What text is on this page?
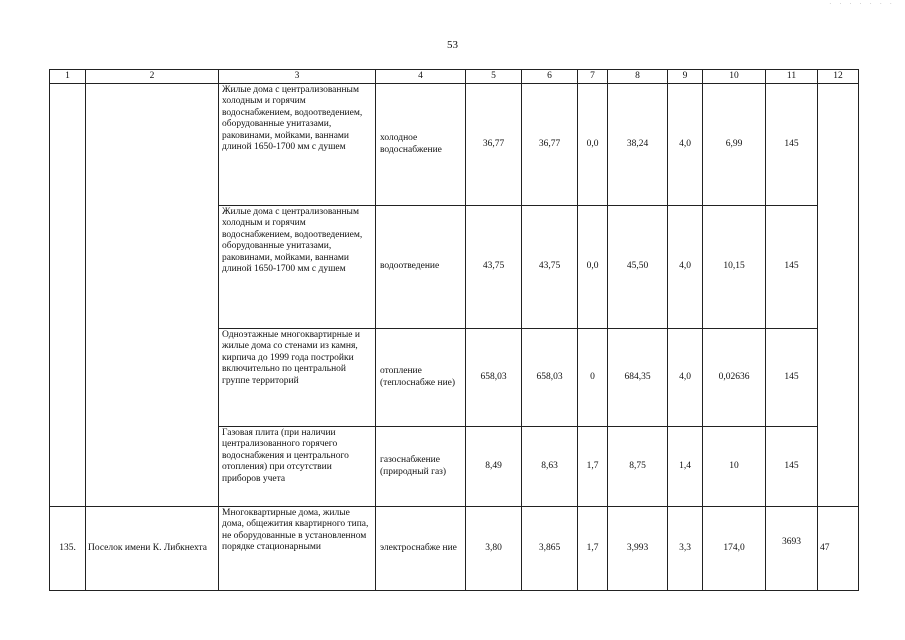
53
· · · · · · ·
1	2	3	4	5	6	7	8	9	10	11	12
		Жилые дома с централизованным холодным и горячим водоснабжением, водоотведением, оборудованные унитазами, раковинами, мойками, ваннами длиной 1650-1700 мм с душем	холодное водоснабжение	36,77	36,77	0,0	38,24	4,0	6,99	145	
		Жилые дома с централизованным холодным и горячим водоснабжением, водоотведением, оборудованные унитазами, раковинами, мойками, ваннами длиной 1650-1700 мм с душем	водоотведение	43,75	43,75	0,0	45,50	4,0	10,15	145	
		Одноэтажные многоквартирные и жилые дома со стенами из камня, кирпича до 1999 года постройки включительно по центральной группе территорий	отопление (теплоснабже ние)	658,03	658,03	0	684,35	4,0	0,02636	145	
		Газовая плита (при наличии централизованного горячего водоснабжения и центрального отопления) при отсутствии приборов учета	газоснабжение (природный газ)	8,49	8,63	1,7	8,75	1,4	10	145	
135.	Поселок имени К. Либкнехта	Многоквартирные дома, жилые дома, общежития квартирного типа, не оборудованные в установленном порядке стационарными	электроснабже ние	3,80	3,865	1,7	3,993	3,3	174,0	3693	47
